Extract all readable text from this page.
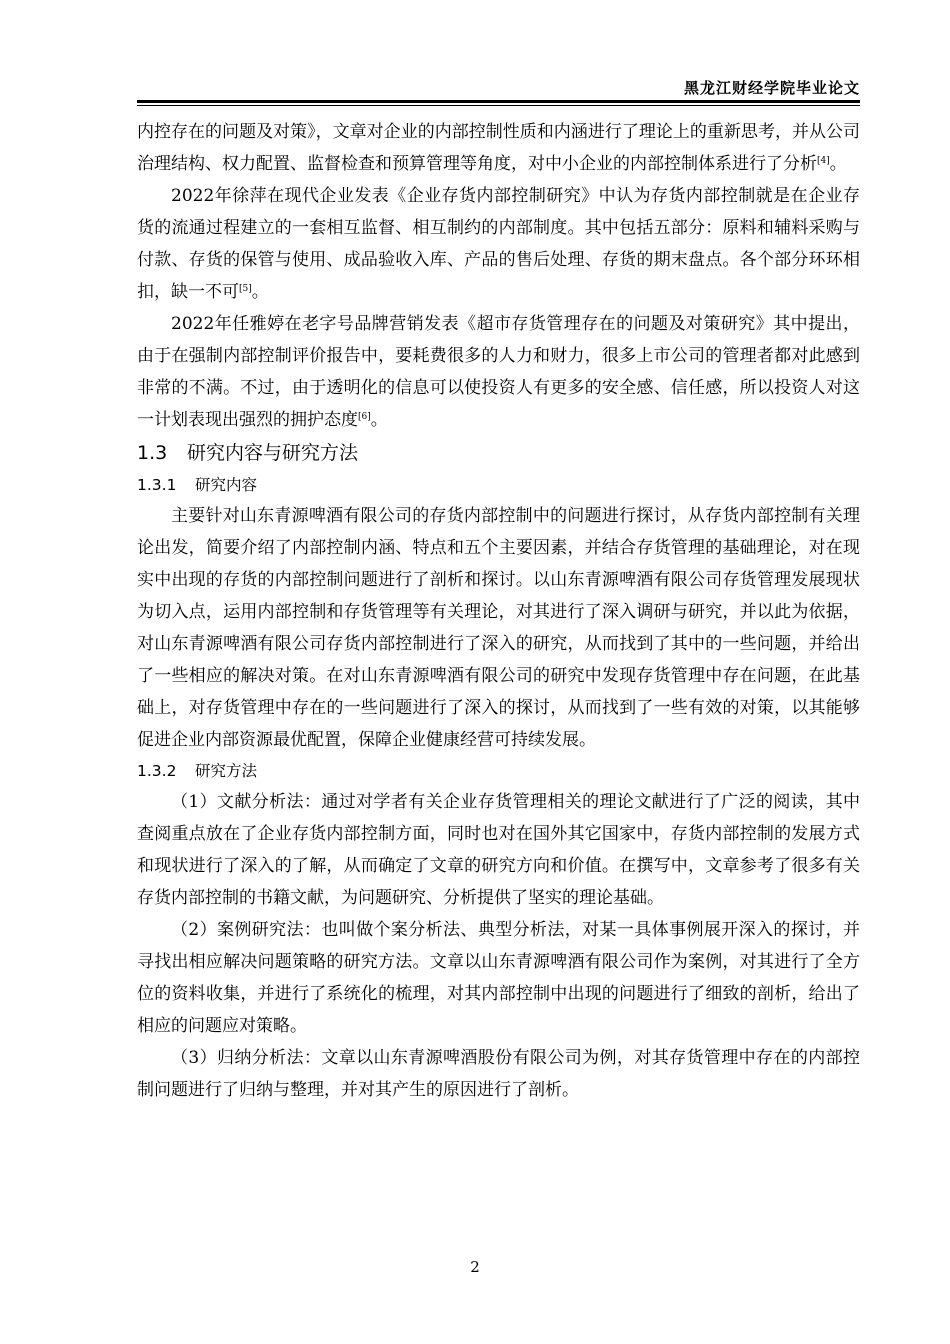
黑龙江财经学院毕业论文

内控存在的问题及对策》，文章对企业的内部控制性质和内涵进行了理论上的重新思考，并从公司治理结构、权力配置、监督检查和预算管理等角度，对中小企业的内部控制体系进行了分析[4]。

2022年徐萍在现代企业发表《企业存货内部控制研究》中认为存货内部控制就是在企业存货的流通过程建立的一套相互监督、相互制约的内部制度。其中包括五部分：原料和辅料采购与付款、存货的保管与使用、成品验收入库、产品的售后处理、存货的期末盘点。各个部分环环相扣，缺一不可[5]。

2022年任雅婷在老字号品牌营销发表《超市存货管理存在的问题及对策研究》其中提出，由于在强制内部控制评价报告中，要耗费很多的人力和财力，很多上市公司的管理者都对此感到非常的不满。不过，由于透明化的信息可以使投资人有更多的安全感、信任感，所以投资人对这一计划表现出强烈的拥护态度[6]。

1.3 研究内容与研究方法
1.3.1 研究内容

主要针对山东青源啤酒有限公司的存货内部控制中的问题进行探讨，从存货内部控制有关理论出发，简要介绍了内部控制内涵、特点和五个主要因素，并结合存货管理的基础理论，对在现实中出现的存货的内部控制问题进行了剖析和探讨。以山东青源啤酒有限公司存货管理发展现状为切入点，运用内部控制和存货管理等有关理论，对其进行了深入调研与研究，并以此为依据，对山东青源啤酒有限公司存货内部控制进行了深入的研究，从而找到了其中的一些问题，并给出了一些相应的解决对策。在对山东青源啤酒有限公司的研究中发现存货管理中存在问题，在此基础上，对存货管理中存在的一些问题进行了深入的探讨，从而找到了一些有效的对策，以其能够促进企业内部资源最优配置，保障企业健康经营可持续发展。

1.3.2 研究方法

（1）文献分析法：通过对学者有关企业存货管理相关的理论文献进行了广泛的阅读，其中查阅重点放在了企业存货内部控制方面，同时也对在国外其它国家中，存货内部控制的发展方式和现状进行了深入的了解，从而确定了文章的研究方向和价值。在撰写中，文章参考了很多有关存货内部控制的书籍文献，为问题研究、分析提供了坚实的理论基础。

（2）案例研究法：也叫做个案分析法、典型分析法，对某一具体事例展开深入的探讨，并寻找出相应解决问题策略的研究方法。文章以山东青源啤酒有限公司作为案例，对其进行了全方位的资料收集，并进行了系统化的梳理，对其内部控制中出现的问题进行了细致的剖析，给出了相应的问题应对策略。

（3）归纳分析法：文章以山东青源啤酒股份有限公司为例，对其存货管理中存在的内部控制问题进行了归纳与整理，并对其产生的原因进行了剖析。

2
